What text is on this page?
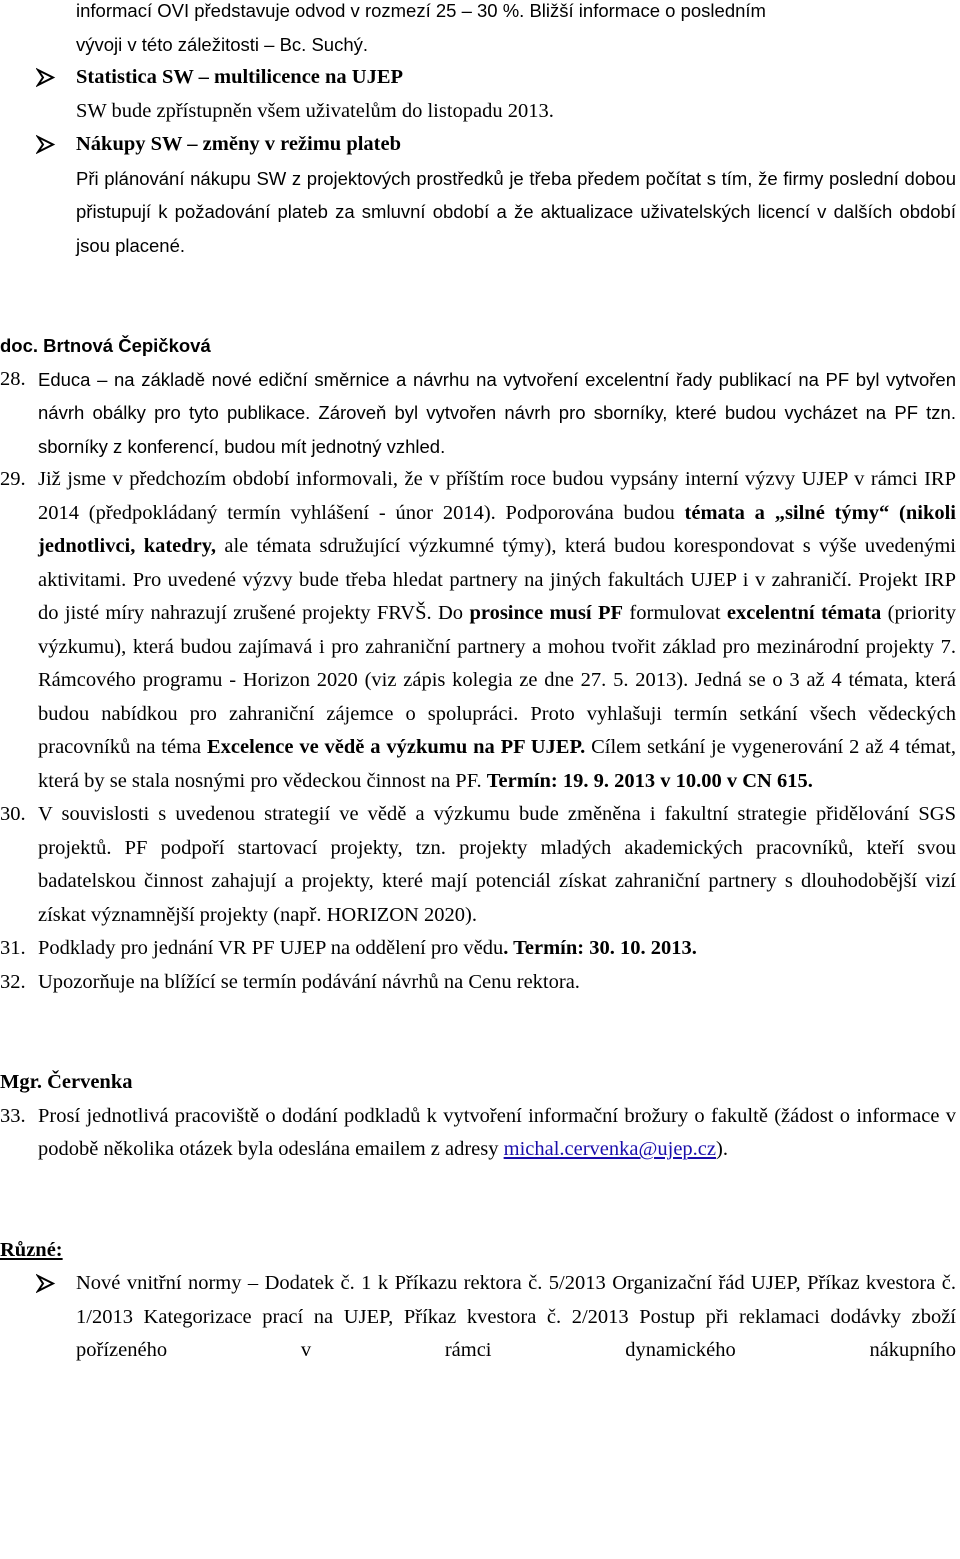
informací OVI představuje odvod v rozmezí 25 – 30 %. Bližší informace o posledním

vývoji v této záležitosti – Bc. Suchý.

Statistica SW – multilicence na UJEP

SW bude zpřístupněn všem uživatelům do listopadu 2013.

Nákupy SW – změny v režimu plateb

Při plánování nákupu SW z projektových prostředků je třeba předem počítat s tím, že firmy poslední dobou přistupují k požadování plateb za smluvní období a že aktualizace uživatelských licencí v dalších období jsou placené.

doc. Brtnová Čepičková

28. Educa – na základě nové ediční směrnice a návrhu na vytvoření excelentní řady publikací na PF byl vytvořen návrh obálky pro tyto publikace. Zároveň byl vytvořen návrh pro sborníky, které budou vycházet na PF tzn. sborníky z konferencí, budou mít jednotný vzhled.

29. Již jsme v předchozím období informovali, že v příštím roce budou vypsány interní výzvy UJEP v rámci IRP 2014 (předpokládaný termín vyhlášení - únor 2014). Podporována budou témata a „silné týmy“ (nikoli jednotlivci, katedry, ale témata sdružující výzkumné týmy), která budou korespondovat s výše uvedenými aktivitami. Pro uvedené výzvy bude třeba hledat partnery na jiných fakultách UJEP i v zahraničí. Projekt IRP do jisté míry nahrazují zrušené projekty FRVŠ. Do prosince musí PF formulovat excelentní témata (priority výzkumu), která budou zajímavá i pro zahraniční partnery a mohou tvořit základ pro mezinárodní projekty 7. Rámcového programu - Horizon 2020 (viz zápis kolegia ze dne 27. 5. 2013). Jedná se o 3 až 4 témata, která budou nabídkou pro zahraniční zájemce o spolupráci. Proto vyhlašuji termín setkání všech vědeckých pracovníků na téma Excelence ve vědě a výzkumu na PF UJEP. Cílem setkání je vygenerování 2 až 4 témat, která by se stala nosnými pro vědeckou činnost na PF. Termín: 19. 9. 2013 v 10.00 v CN 615.

30. V souvislosti s uvedenou strategií ve vědě a výzkumu bude změněna i fakultní strategie přidělování SGS projektů. PF podpoří startovací projekty, tzn. projekty mladých akademických pracovníků, kteří svou badatelskou činnost zahajují a projekty, které mají potenciál získat zahraniční partnery s dlouhodobější vizí získat významnější projekty (např. HORIZON 2020).

31. Podklady pro jednání VR PF UJEP na oddělení pro vědu. Termín: 30. 10. 2013.

32. Upozorňuje na blížící se termín podávání návrhů na Cenu rektora.

Mgr. Červenka

33. Prosí jednotlivá pracoviště o dodání podkladů k vytvoření informační brožury o fakultě (žádost o informace v podobě několika otázek byla odeslána emailem z adresy michal.cervenka@ujep.cz).

Různé:

Nové vnitřní normy – Dodatek č. 1 k Příkazu rektora č. 5/2013 Organizační řád UJEP, Příkaz kvestora č. 1/2013 Kategorizace prací na UJEP, Příkaz kvestora č. 2/2013 Postup při reklamaci dodávky zboží pořízeného v rámci dynamického nákupního
